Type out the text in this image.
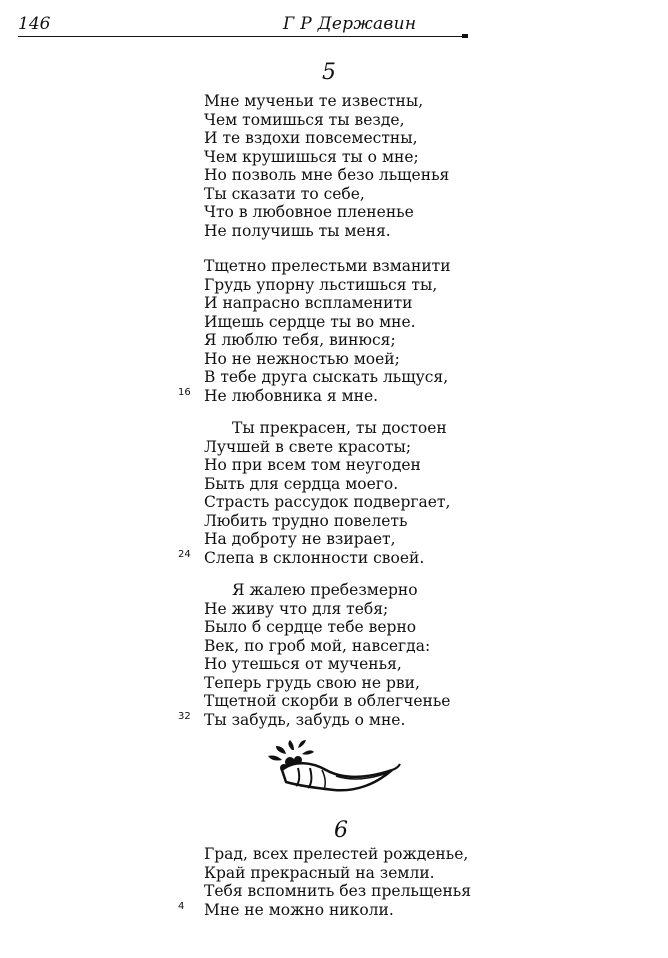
146	Г Р Державин
5
Мне мученьи те известны,
Чем томишься ты везде,
И те вздохи повсеместны,
Чем крушишься ты о мне;
Но позволь мне безо льщенья
Ты сказати то себе,
Что в любовное плененье
Не получишь ты меня.
Тщетно прелестьми взманити
Грудь упорну льстишься ты,
И напрасно вспламенити
Ищешь сердце ты во мне.
Я люблю тебя, винюся;
Но не нежностью моей;
В тебе друга сыскать льщуся,
16 Не любовника я мне.
Ты прекрасен, ты достоен
Лучшей в свете красоты;
Но при всем том неугоден
Быть для сердца моего.
Страсть рассудок подвергает,
Любить трудно повелеть
На доброту не взирает,
24 Слепа в склонности своей.
Я жалею пребезмерно
Не живу что для тебя;
Было б сердце тебе верно
Век, по гроб мой, навсегда:
Но утешься от мученья,
Теперь грудь свою не рви,
Тщетной скорби в облегченье
32 Ты забудь, забудь о мне.
6
Град, всех прелестей рожденье,
Край прекрасный на земли.
Тебя вспомнить без прельщенья
4 Мне не можно николи.
